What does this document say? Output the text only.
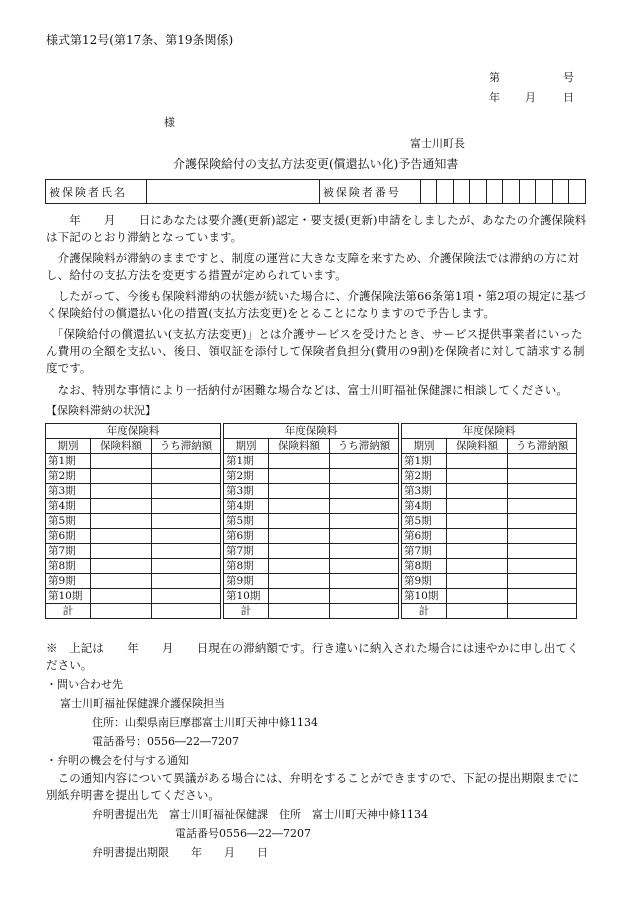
様式第12号(第17条、第19条関係)
第	号
年 月 日
様
富士川町長
介護保険給付の支払方法変更(償還払い化)予告通知書
被保険者氏名		被保険者番号										
　　年　　月　　日にあなたは要介護(更新)認定・要支援(更新)申請をしましたが、あなたの介護保険料は下記のとおり滞納となっています。
　介護保険料が滞納のままですと、制度の運営に大きな支障を来すため、介護保険法では滞納の方に対し、給付の支払方法を変更する措置が定められています。
　したがって、今後も保険料滞納の状態が続いた場合に、介護保険法第66条第1項・第2項の規定に基づく保険給付の償還払い化の措置(支払方法変更)をとることになりますので予告します。
　「保険給付の償還払い(支払方法変更)」とは介護サービスを受けたとき、サービス提供事業者にいったん費用の全額を支払い、後日、領収証を添付して保険者負担分(費用の9割)を保険者に対して請求する制度です。
　なお、特別な事情により一括納付が困難な場合などは、富士川町福祉保健課に相談してください。
【保険料滞納の状況】
年度保険料				年度保険料				年度保険料		
期別	保険料額	うち滞納額		期別	保険料額	うち滞納額		期別	保険料額	うち滞納額
第1期				第1期				第1期		
第2期				第2期				第2期		
第3期				第3期				第3期		
第4期				第4期				第4期		
第5期				第5期				第5期		
第6期				第6期				第6期		
第7期				第7期				第7期		
第8期				第8期				第8期		
第9期				第9期				第9期		
第10期				第10期				第10期		
計				計				計		
※　上記は　　年　　月　　日現在の滞納額です。行き違いに納入された場合には速やかに申し出てください。
・問い合わせ先
富士川町福祉保健課介護保険担当
住所：山梨県南巨摩郡富士川町天神中條1134
電話番号：0556―22―7207
・弁明の機会を付与する通知
　この通知内容について異議がある場合には、弁明をすることができますので、下記の提出期限までに別紙弁明書を提出してください。
弁明書提出先　富士川町福祉保健課　住所　富士川町天神中條1134
電話番号0556―22―7207
弁明書提出期限　　年　　月　　日
